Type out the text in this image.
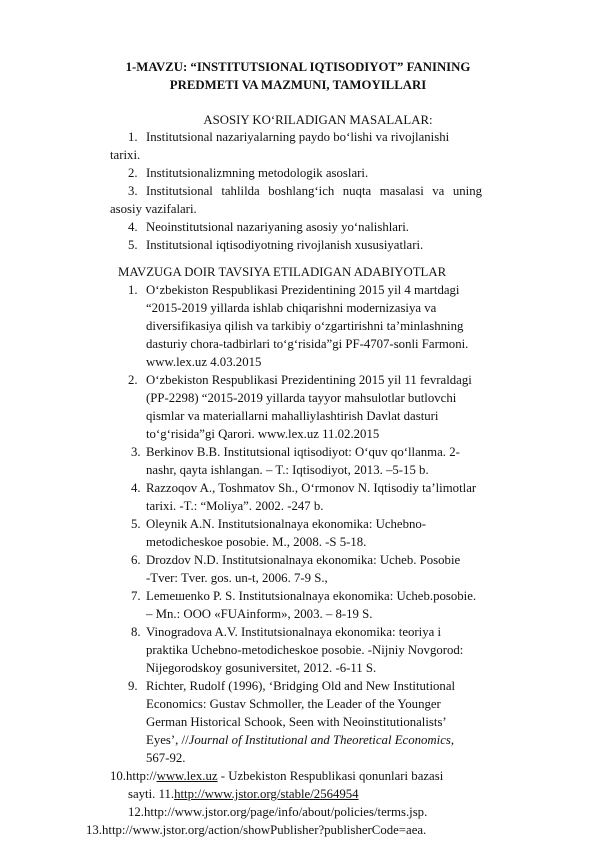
1-MAVZU: “INSTITUTSIONAL IQTISODIYOT” FANINING
PREDMETI VA MAZMUNI, TAMOYILLARI
ASOSIY KO‘RILADIGAN MASALALAR:
1. Institutsional nazariyalarning paydo bo‘lishi va rivojlanishi
tarixi.
2. Institutsionalizmning metodologik asoslari.
3. Institutsional tahlilda boshlang‘ich nuqta masalasi va uning
asosiy vazifalari.
4. Neoinstitutsional nazariyaning asosiy yo‘nalishlari.
5. Institutsional iqtisodiyotning rivojlanish xususiyatlari.
MAVZUGA DOIR TAVSIYA ETILADIGAN ADABIYOTLAR
1. O‘zbekiston Respublikasi Prezidentining 2015 yil 4 martdagi
“2015-2019 yillarda ishlab chiqarishni modernizasiya va
diversifikasiya qilish va tarkibiy o‘zgartirishni ta’minlashning
dasturiy chora-tadbirlari to‘g‘risida”gi PF-4707-sonli Farmoni.
www.lex.uz 4.03.2015
2. O‘zbekiston Respublikasi Prezidentining 2015 yil 11 fevraldagi
(PP-2298) “2015-2019 yillarda tayyor mahsulotlar butlovchi
qismlar va materiallarni mahalliylashtirish Davlat dasturi
to‘g‘risida”gi Qarori. www.lex.uz 11.02.2015
3. Berkinov B.B. Institutsional iqtisodiyot: O‘quv qo‘llanma. 2-
nashr, qayta ishlangan. – T.: Iqtisodiyot, 2013. –5-15 b.
4. Razzoqov A., Toshmatov Sh., O‘rmonov N. Iqtisodiy ta’limotlar
tarixi. -T.: “Moliya”. 2002. -247 b.
5. Oleynik A.N. Institutsionalnaya ekonomika: Uchebno-
metodicheskoe posobie. M., 2008. -S 5-18.
6. Drozdov N.D. Institutsionalnaya ekonomika: Ucheb. Posobie
-Tver: Tver. gos. un-t, 2006. 7-9 S.,
7. Lemeшenko P. S. Institutsionalnaya ekonomika: Ucheb.posobie.
– Mn.: OOO «FUAinform», 2003. – 8-19 S.
8. Vinogradova A.V. Institutsionalnaya ekonomika: teoriya i
praktika Uchebno-metodicheskoe posobie. -Nijniy Novgorod:
Nijegorodskoy gosuniversitet, 2012. -6-11 S.
9. Richter, Rudolf (1996), ‘Bridging Old and New Institutional
Economics: Gustav Schmoller, the Leader of the Younger
German Historical Schook, Seen with Neoinstitutionalists’
Eyes’, //Journal of Institutional and Theoretical Economics,
567-92.
10.http://www.lex.uz - Uzbekiston Respublikasi qonunlari bazasi
sayti. 11.http://www.jstor.org/stable/2564954
12.http://www.jstor.org/page/info/about/policies/terms.jsp.
13.http://www.jstor.org/action/showPublisher?publisherCode=aea.
